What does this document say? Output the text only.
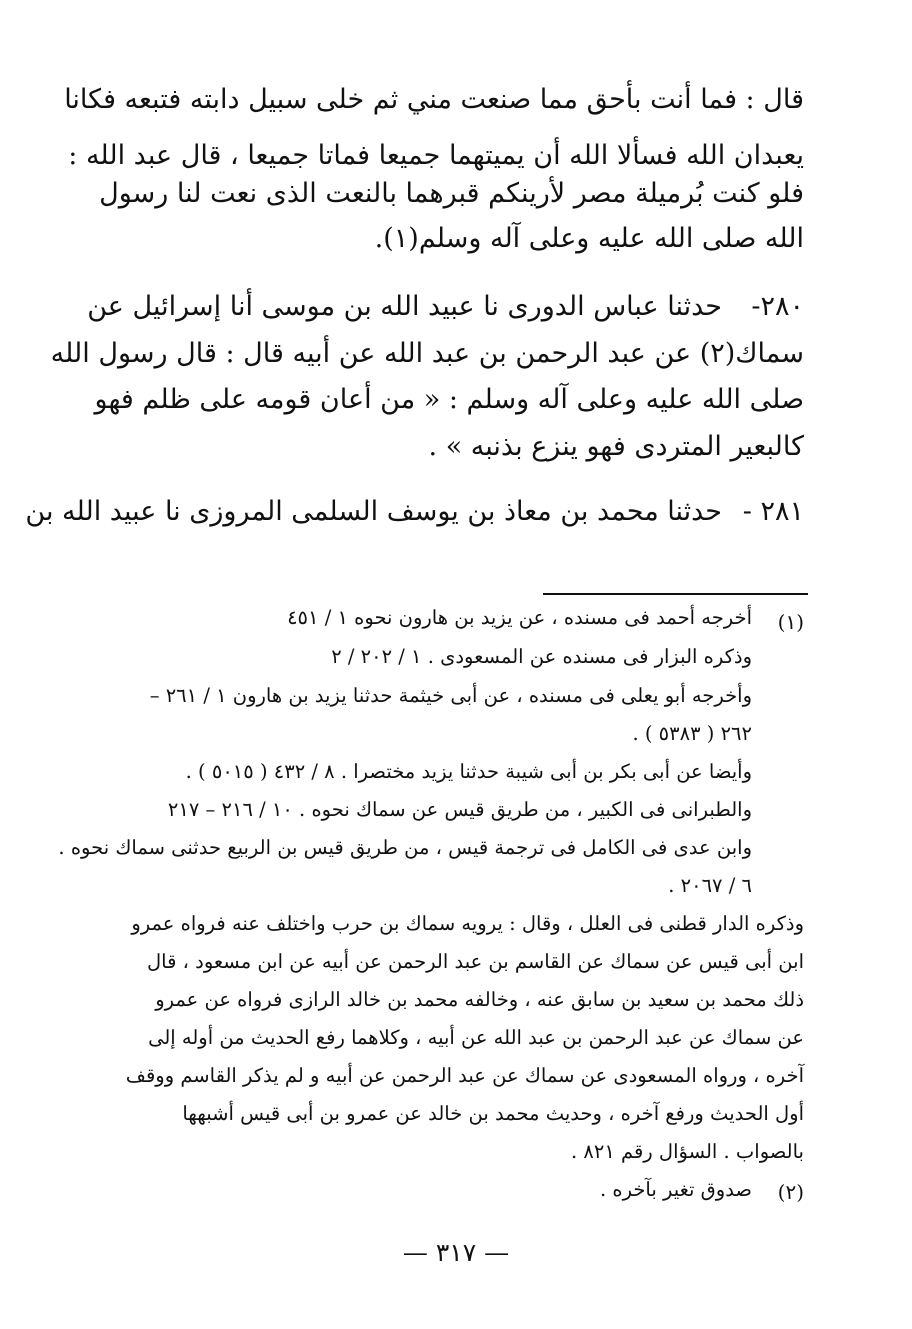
قال : فما أنت بأحق مما صنعت مني ثم خلى سبيل دابته فتبعه فكانا
يعبدان الله فسألا الله أن يميتهما جميعا فماتا جميعا ، قال عبد الله :
فلو كنت بُرميلة مصر لأرينكم قبرهما بالنعت الذى نعت لنا رسول
الله صلى الله عليه وعلى آله وسلم(١).
٢٨٠-
حدثنا عباس الدورى نا عبيد الله بن موسى أنا إسرائيل عن
سماك(٢) عن عبد الرحمن بن عبد الله عن أبيه قال : قال رسول الله
صلى الله عليه وعلى آله وسلم : « من أعان قومه على ظلم فهو
كالبعير المتردى فهو ينزع بذنبه » .
٢٨١ -
حدثنا محمد بن معاذ بن يوسف السلمى المروزى نا عبيد الله بن
(١)
أخرجه أحمد فى مسنده ، عن يزيد بن هارون نحوه ١ / ٤٥١
وذكره البزار فى مسنده عن المسعودى . ١ / ٢٠٢ / ٢
وأخرجه أبو يعلى فى مسنده ، عن أبى خيثمة حدثنا يزيد بن هارون ١ / ٢٦١ –
٢٦٢ ( ٥٣٨٣ ) .
وأيضا عن أبى بكر بن أبى شيبة حدثنا يزيد مختصرا . ٨ / ٤٣٢ ( ٥٠١٥ ) .
والطبرانى فى الكبير ، من طريق قيس عن سماك نحوه . ١٠ / ٢١٦ – ٢١٧
وابن عدى فى الكامل فى ترجمة قيس ، من طريق قيس بن الربيع حدثنى سماك نحوه .
٦ / ٢٠٦٧ .
وذكره الدار قطنى فى العلل ، وقال : يرويه سماك بن حرب واختلف عنه فرواه عمرو
ابن أبى قيس عن سماك عن القاسم بن عبد الرحمن عن أبيه عن ابن مسعود ، قال
ذلك محمد بن سعيد بن سابق عنه ، وخالفه محمد بن خالد الرازى فرواه عن عمرو
عن سماك عن عبد الرحمن بن عبد الله عن أبيه ، وكلاهما رفع الحديث من أوله إلى
آخره ، ورواه المسعودى عن سماك عن عبد الرحمن عن أبيه و لم يذكر القاسم ووقف
أول الحديث ورفع آخره ، وحديث محمد بن خالد عن عمرو بن أبى قيس أشبهها
بالصواب . السؤال رقم ٨٢١ .
(٢)
صدوق تغير بآخره .
— ٣١٧ —
